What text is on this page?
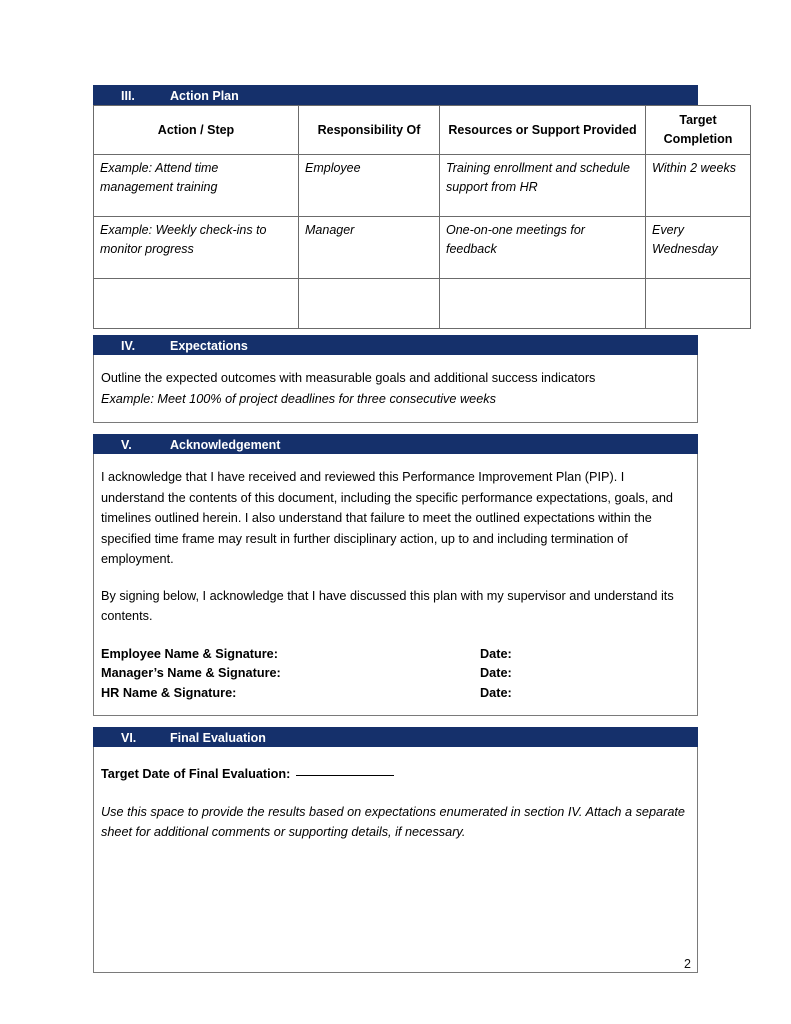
III.	Action Plan
Action / Step	Responsibility Of	Resources or Support Provided	Target Completion
Example: Attend time management training	Employee	Training enrollment and schedule support from HR	Within 2 weeks
Example: Weekly check-ins to monitor progress	Manager	One-on-one meetings for feedback	Every Wednesday

IV.	Expectations

Outline the expected outcomes with measurable goals and additional success indicators

Example: Meet 100% of project deadlines for three consecutive weeks

V.	Acknowledgement

I acknowledge that I have received and reviewed this Performance Improvement Plan (PIP). I understand the contents of this document, including the specific performance expectations, goals, and timelines outlined herein. I also understand that failure to meet the outlined expectations within the specified time frame may result in further disciplinary action, up to and including termination of employment.

By signing below, I acknowledge that I have discussed this plan with my supervisor and understand its contents.

Employee Name & Signature:	Date:
Manager’s Name & Signature:	Date:
HR Name & Signature:	Date:
VI.	Final Evaluation
Target Date of Final Evaluation:
Use this space to provide the results based on expectations enumerated in section IV. Attach a separate sheet for additional comments or supporting details, if necessary.
2
